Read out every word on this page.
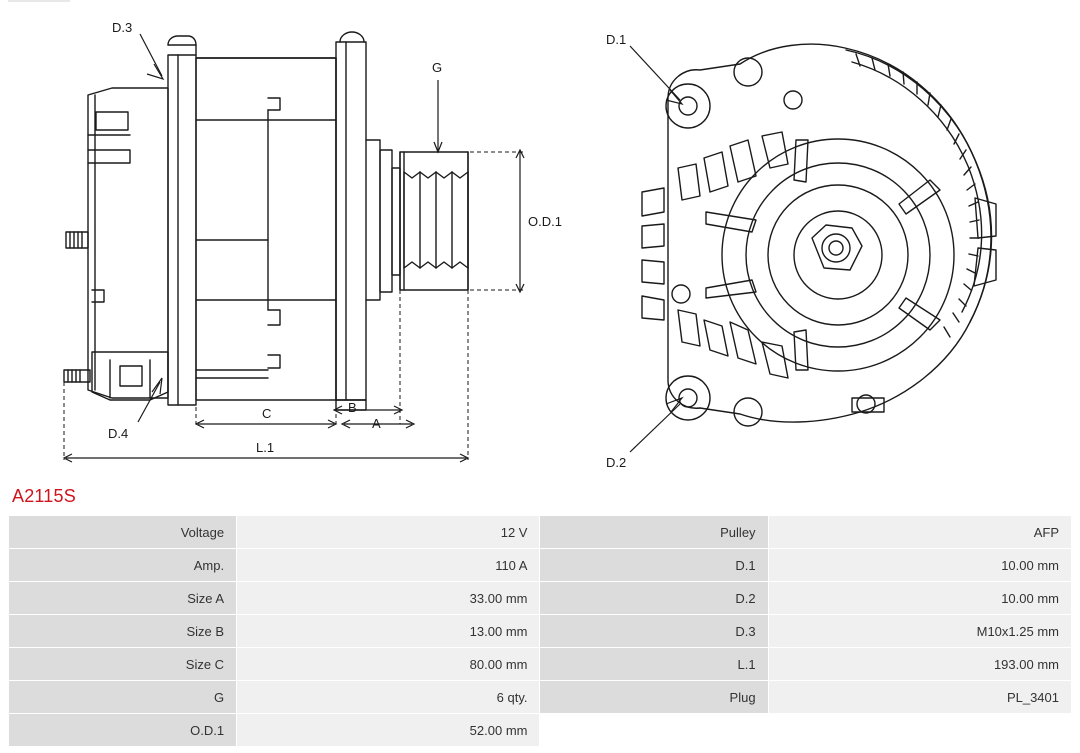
D.3
D.4
G
O.D.1
A
B
C
L.1
D.1
D.2
A2115S
Voltage	12 V	Pulley	AFP
Amp.	110 A	D.1	10.00 mm
Size A	33.00 mm	D.2	10.00 mm
Size B	13.00 mm	D.3	M10x1.25 mm
Size C	80.00 mm	L.1	193.00 mm
G	6 qty.	Plug	PL_3401
O.D.1	52.00 mm		
